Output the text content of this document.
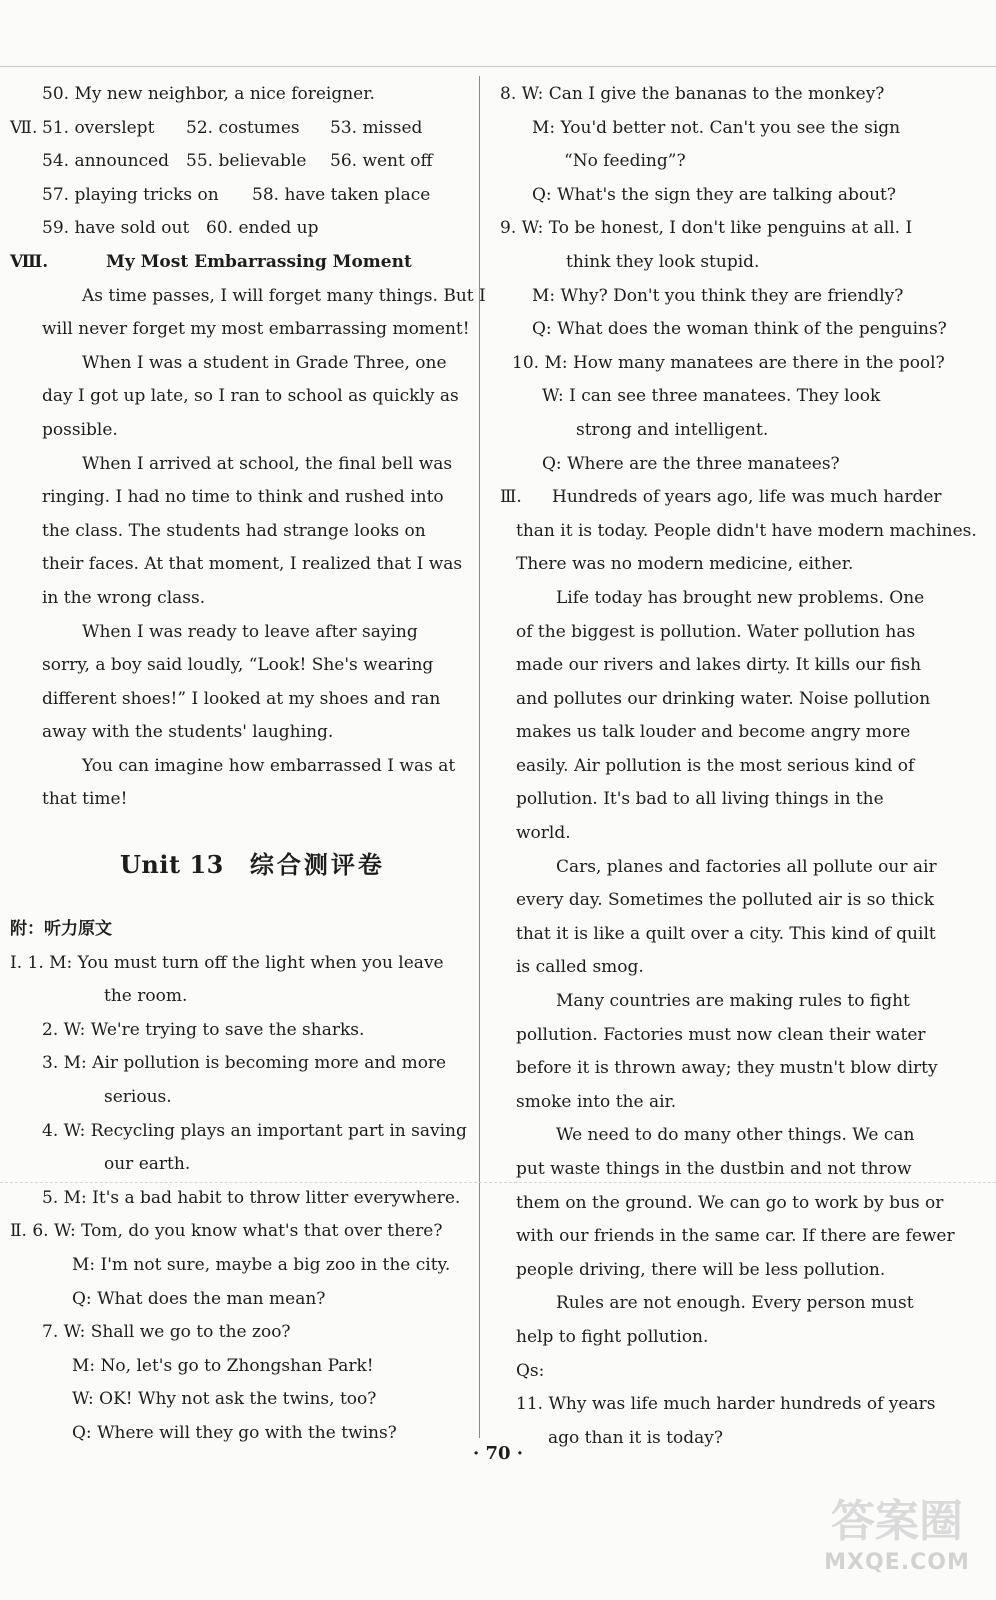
50. My new neighbor, a nice foreigner.
Ⅶ. 51. overslept 52. costumes 53. missed
54. announced 55. believable 56. went off
57. playing tricks on 58. have taken place
59. have sold out 60. ended up
Ⅷ.	My Most Embarrassing Moment
As time passes, I will forget many things. But I
will never forget my most embarrassing moment!
When I was a student in Grade Three, one
day I got up late, so I ran to school as quickly as
possible.
When I arrived at school, the final bell was
ringing. I had no time to think and rushed into
the class. The students had strange looks on
their faces. At that moment, I realized that I was
in the wrong class.
When I was ready to leave after saying
sorry, a boy said loudly, “Look! She's wearing
different shoes!” I looked at my shoes and ran
away with the students' laughing.
You can imagine how embarrassed I was at
that time!
Unit 13	综合测评卷
附：听力原文
Ⅰ. 1. M: You must turn off the light when you leave
the room.
2. W: We're trying to save the sharks.
3. M: Air pollution is becoming more and more
serious.
4. W: Recycling plays an important part in saving
our earth.
5. M: It's a bad habit to throw litter everywhere.
Ⅱ. 6. W: Tom, do you know what's that over there?
M: I'm not sure, maybe a big zoo in the city.
Q: What does the man mean?
7. W: Shall we go to the zoo?
M: No, let's go to Zhongshan Park!
W: OK! Why not ask the twins, too?
Q: Where will they go with the twins?
8. W: Can I give the bananas to the monkey?
M: You'd better not. Can't you see the sign
“No feeding”?
Q: What's the sign they are talking about?
9. W: To be honest, I don't like penguins at all. I
think they look stupid.
M: Why? Don't you think they are friendly?
Q: What does the woman think of the penguins?
10. M: How many manatees are there in the pool?
W: I can see three manatees. They look
strong and intelligent.
Q: Where are the three manatees?
Ⅲ. Hundreds of years ago, life was much harder
than it is today. People didn't have modern machines.
There was no modern medicine, either.
Life today has brought new problems. One
of the biggest is pollution. Water pollution has
made our rivers and lakes dirty. It kills our fish
and pollutes our drinking water. Noise pollution
makes us talk louder and become angry more
easily. Air pollution is the most serious kind of
pollution. It's bad to all living things in the
world.
Cars, planes and factories all pollute our air
every day. Sometimes the polluted air is so thick
that it is like a quilt over a city. This kind of quilt
is called smog.
Many countries are making rules to fight
pollution. Factories must now clean their water
before it is thrown away; they mustn't blow dirty
smoke into the air.
We need to do many other things. We can
put waste things in the dustbin and not throw
them on the ground. We can go to work by bus or
with our friends in the same car. If there are fewer
people driving, there will be less pollution.
Rules are not enough. Every person must
help to fight pollution.
Qs:
11. Why was life much harder hundreds of years
ago than it is today?
· 70 ·
答案圈
MXQE.COM
